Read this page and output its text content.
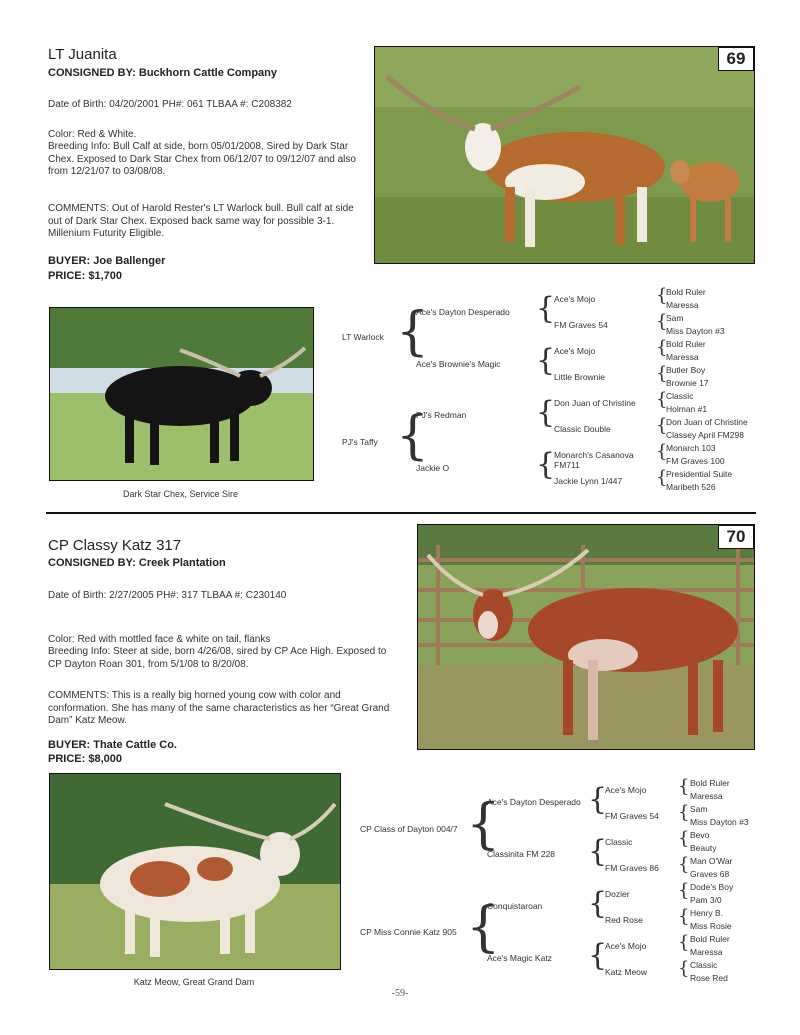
LT Juanita
CONSIGNED BY: Buckhorn Cattle Company
Date of Birth: 04/20/2001 PH#: 061 TLBAA #: C208382
Color: Red & White.
Breeding Info: Bull Calf at side, born 05/01/2008, Sired by Dark Star Chex. Exposed to Dark Star Chex from 06/12/07 to 09/12/07 and also from 12/21/07 to 03/08/08.
COMMENTS: Out of Harold Rester's LT Warlock bull. Bull calf at side out of Dark Star Chex. Exposed back same way for possible 3-1. Millenium Futurity Eligible.
BUYER: Joe Ballenger
PRICE: $1,700
69
Dark Star Chex, Service Sire
LT Warlock
PJ's Taffy
{
{
Ace's Dayton Desperado
Ace's Brownie's Magic
PJ's Redman
Jackie O
{
{
{
{
Ace's Mojo
FM Graves 54
Ace's Mojo
Little Brownie
Don Juan of Christine
Classic Double
Monarch's Casanova FM711
Jackie Lynn 1/447
{
{
{
{
{
{
{
{
Bold Ruler
Maressa
Sam
Miss Dayton #3
Bold Ruler
Maressa
Butler Boy
Brownie 17
Classic
Holman #1
Don Juan of Christine
Classey April FM298
Monarch 103
FM Graves 100
Presidential Suite
Maribeth 526
CP Classy Katz 317
CONSIGNED BY: Creek Plantation
Date of Birth: 2/27/2005 PH#: 317 TLBAA #: C230140
Color: Red with mottled face & white on tail, flanks
Breeding Info: Steer at side, born 4/26/08, sired by CP Ace High. Exposed to CP Dayton Roan 301, from 5/1/08 to 8/20/08.
COMMENTS: This is a really big horned young cow with color and conformation. She has many of the same characteristics as her “Great Grand Dam” Katz Meow.
BUYER: Thate Cattle Co.
PRICE: $8,000
70
Katz Meow, Great Grand Dam
CP Class of Dayton 004/7
CP Miss Connie Katz 905
{
{
Ace's Dayton Desperado
Classinita FM 228
Conquistaroan
Ace's Magic Katz
{
{
{
{
Ace's Mojo
FM Graves 54
Classic
FM Graves 86
Dozier
Red Rose
Ace's Mojo
Katz Meow
{
{
{
{
{
{
{
{
Bold Ruler
Maressa
Sam
Miss Dayton #3
Bevo
Beauty
Man O'War
Graves 68
Dode's Boy
Pam 3/0
Henry B.
Miss Rosie
Bold Ruler
Maressa
Classic
Rose Red
-59-
